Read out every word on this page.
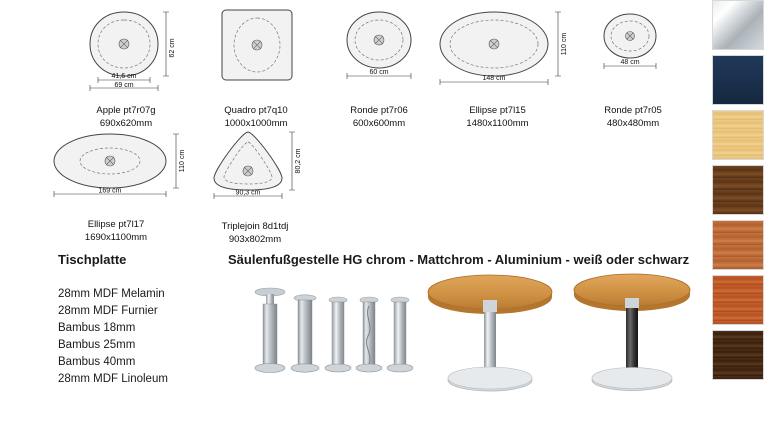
62 cm
41,6 cm
69 cm
Apple pt7r07g
690x620mm
Quadro pt7q10
1000x1000mm
60 cm
Ronde pt7r06
600x600mm
148 cm
110 cm
Ellipse pt7l15
1480x1100mm
48 cm
Ronde pt7r05
480x480mm
169 cm
110 cm
Ellipse pt7l17
1690x1100mm
90,3 cm
80,2 cm
Triplejoin 8d1tdj
903x802mm
Tischplatte	Säulenfußgestelle HG chrom - Mattchrom - Aluminium - weiß oder schwarz
28mm MDF Melamin
28mm MDF Furnier
Bambus 18mm
Bambus 25mm
Bambus 40mm
28mm MDF Linoleum
